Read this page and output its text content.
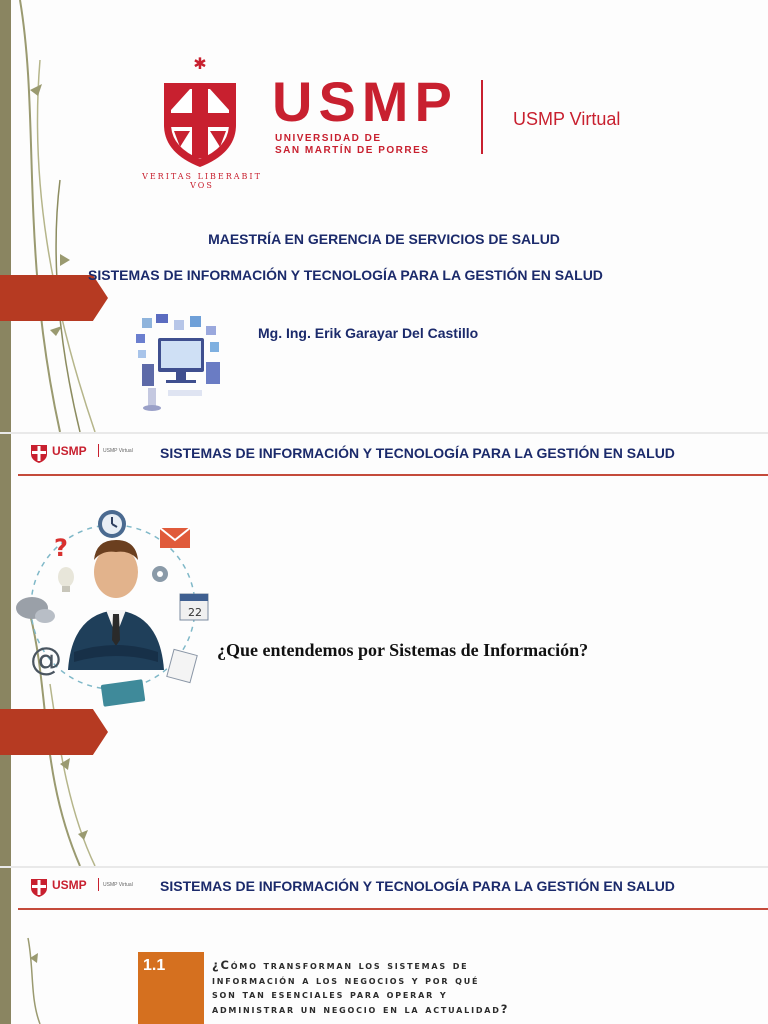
✱
VERITAS LIBERABIT VOS
USMP
UNIVERSIDAD DE
SAN MARTÍN DE PORRES
USMP Virtual
MAESTRÍA EN GERENCIA DE SERVICIOS DE SALUD
SISTEMAS DE INFORMACIÓN Y TECNOLOGÍA PARA LA GESTIÓN EN SALUD
Mg. Ing. Erik Garayar Del Castillo
USMP	USMP Virtual SISTEMAS DE INFORMACIÓN Y TECNOLOGÍA PARA LA GESTIÓN EN SALUD
?
22
@	¿Que entendemos por Sistemas de Información?
USMP	USMP Virtual SISTEMAS DE INFORMACIÓN Y TECNOLOGÍA PARA LA GESTIÓN EN SALUD
1.1	¿Cómo transforman los sistemas de
información a los negocios y por qué
son tan esenciales para operar y
administrar un negocio en la actualidad?
